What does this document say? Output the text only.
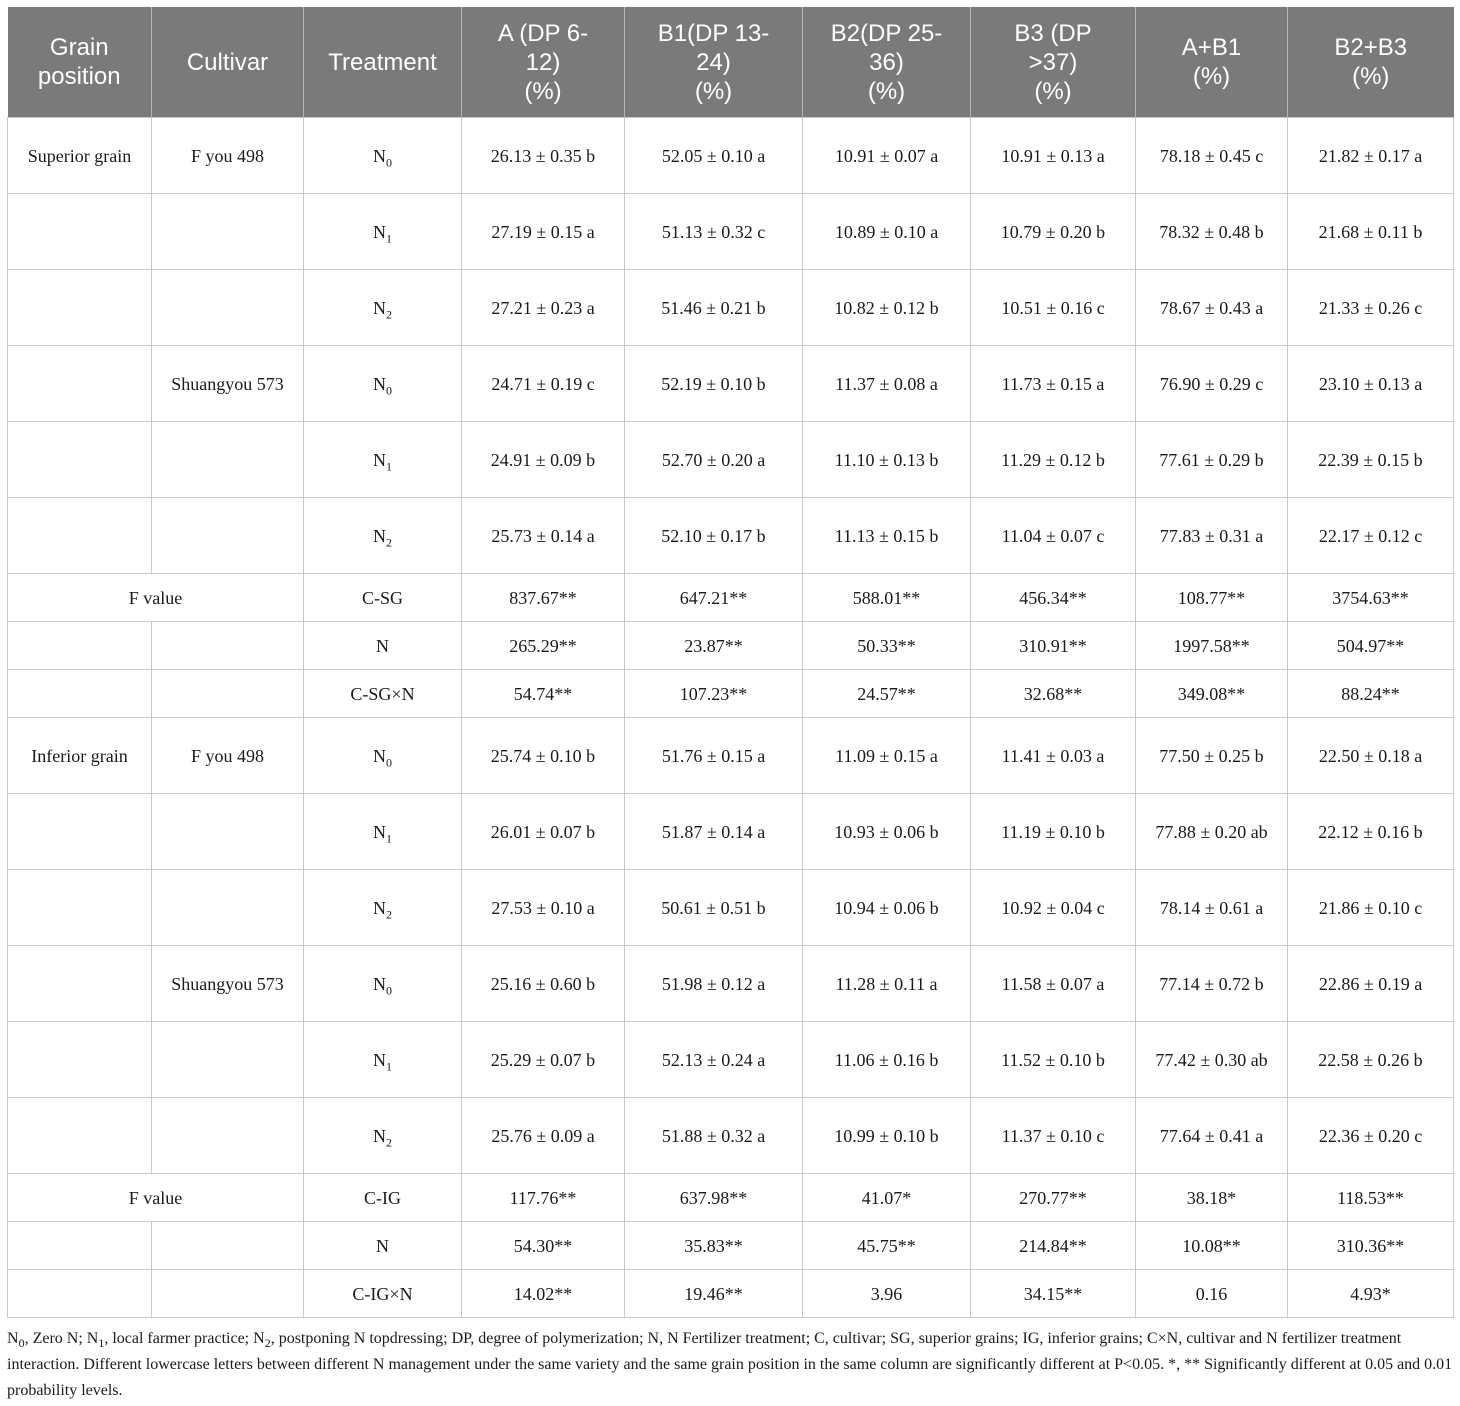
Grain
position	Cultivar	Treatment	A (DP 6-
12)
(%)	B1(DP 13-
24)
(%)	B2(DP 25-
36)
(%)	B3 (DP
>37)
(%)	A+B1
(%)	B2+B3
(%)
Superior grain	F you 498	$N_0$	26.13 ± 0.35 b	52.05 ± 0.10 a	10.91 ± 0.07 a	10.91 ± 0.13 a	78.18 ± 0.45 c	21.82 ± 0.17 a
		$N_1$	27.19 ± 0.15 a	51.13 ± 0.32 c	10.89 ± 0.10 a	10.79 ± 0.20 b	78.32 ± 0.48 b	21.68 ± 0.11 b
		$N_2$	27.21 ± 0.23 a	51.46 ± 0.21 b	10.82 ± 0.12 b	10.51 ± 0.16 c	78.67 ± 0.43 a	21.33 ± 0.26 c
	Shuangyou 573	$N_0$	24.71 ± 0.19 c	52.19 ± 0.10 b	11.37 ± 0.08 a	11.73 ± 0.15 a	76.90 ± 0.29 c	23.10 ± 0.13 a
		$N_1$	24.91 ± 0.09 b	52.70 ± 0.20 a	11.10 ± 0.13 b	11.29 ± 0.12 b	77.61 ± 0.29 b	22.39 ± 0.15 b
		$N_2$	25.73 ± 0.14 a	52.10 ± 0.17 b	11.13 ± 0.15 b	11.04 ± 0.07 c	77.83 ± 0.31 a	22.17 ± 0.12 c
F value		C-SG	837.67**	647.21**	588.01**	456.34**	108.77**	3754.63**
		N	265.29**	23.87**	50.33**	310.91**	1997.58**	504.97**
		C-SG×N	54.74**	107.23**	24.57**	32.68**	349.08**	88.24**
Inferior grain	F you 498	$N_0$	25.74 ± 0.10 b	51.76 ± 0.15 a	11.09 ± 0.15 a	11.41 ± 0.03 a	77.50 ± 0.25 b	22.50 ± 0.18 a
		$N_1$	26.01 ± 0.07 b	51.87 ± 0.14 a	10.93 ± 0.06 b	11.19 ± 0.10 b	77.88 ± 0.20 ab	22.12 ± 0.16 b
		$N_2$	27.53 ± 0.10 a	50.61 ± 0.51 b	10.94 ± 0.06 b	10.92 ± 0.04 c	78.14 ± 0.61 a	21.86 ± 0.10 c
	Shuangyou 573	$N_0$	25.16 ± 0.60 b	51.98 ± 0.12 a	11.28 ± 0.11 a	11.58 ± 0.07 a	77.14 ± 0.72 b	22.86 ± 0.19 a
		$N_1$	25.29 ± 0.07 b	52.13 ± 0.24 a	11.06 ± 0.16 b	11.52 ± 0.10 b	77.42 ± 0.30 ab	22.58 ± 0.26 b
		$N_2$	25.76 ± 0.09 a	51.88 ± 0.32 a	10.99 ± 0.10 b	11.37 ± 0.10 c	77.64 ± 0.41 a	22.36 ± 0.20 c
F value		C-IG	117.76**	637.98**	41.07*	270.77**	38.18*	118.53**
		N	54.30**	35.83**	45.75**	214.84**	10.08**	310.36**
		C-IG×N	14.02**	19.46**	3.96	34.15**	0.16	4.93*
$N_0$, Zero N; $N_1$, local farmer practice; $N_2$, postponing N topdressing; DP, degree of polymerization; N, N Fertilizer treatment; C, cultivar; SG, superior grains; IG, inferior grains; C×N, cultivar and N fertilizer treatment interaction. Different lowercase letters between different N management under the same variety and the same grain position in the same column are significantly different at P<0.05. *, ** Significantly different at 0.05 and 0.01 probability levels.
